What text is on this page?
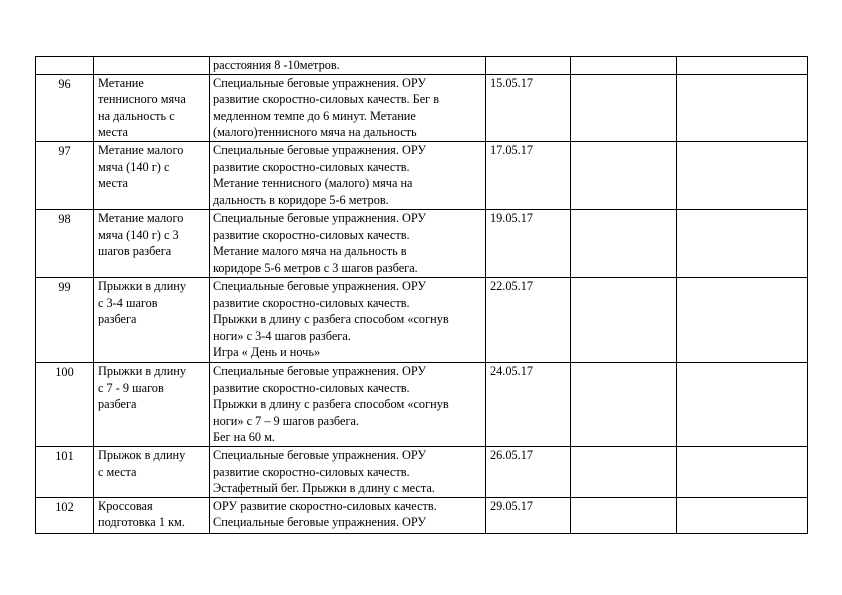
		расстояния 8 -10метров.			

96	Метание
теннисного мяча
на дальность с
места	Специальные беговые упражнения. ОРУ
развитие скоростно-силовых качеств. Бег в
медленном темпе до 6 минут. Метание
(малого)теннисного мяча на дальность	15.05.17		
97	Метание малого
мяча (140 г) с
места	Специальные беговые упражнения. ОРУ
развитие скоростно-силовых качеств.
Метание теннисного (малого) мяча на
дальность в коридоре 5-6 метров.	17.05.17		
98	Метание малого
мяча (140 г) с 3
шагов разбега	Специальные беговые упражнения. ОРУ
развитие скоростно-силовых качеств.
Метание малого мяча на дальность в
коридоре 5-6 метров с 3 шагов разбега.	19.05.17		
99	Прыжки в длину
с 3-4 шагов
разбега	Специальные беговые упражнения. ОРУ
развитие скоростно-силовых качеств.
Прыжки в длину с разбега способом «согнув
ноги» с 3-4 шагов разбега.
Игра « День и ночь»	22.05.17		
100	Прыжки в длину
с 7 - 9 шагов
разбега	Специальные беговые упражнения. ОРУ
развитие скоростно-силовых качеств.
Прыжки в длину с разбега способом «согнув
ноги» с 7 – 9 шагов разбега.
Бег на 60 м.	24.05.17		
101	Прыжок в длину
с места	Специальные беговые упражнения. ОРУ
развитие скоростно-силовых качеств.
Эстафетный бег. Прыжки в длину с места.	26.05.17		
102	Кроссовая
подготовка 1 км.	ОРУ развитие скоростно-силовых качеств.
Специальные беговые упражнения. ОРУ	29.05.17		
